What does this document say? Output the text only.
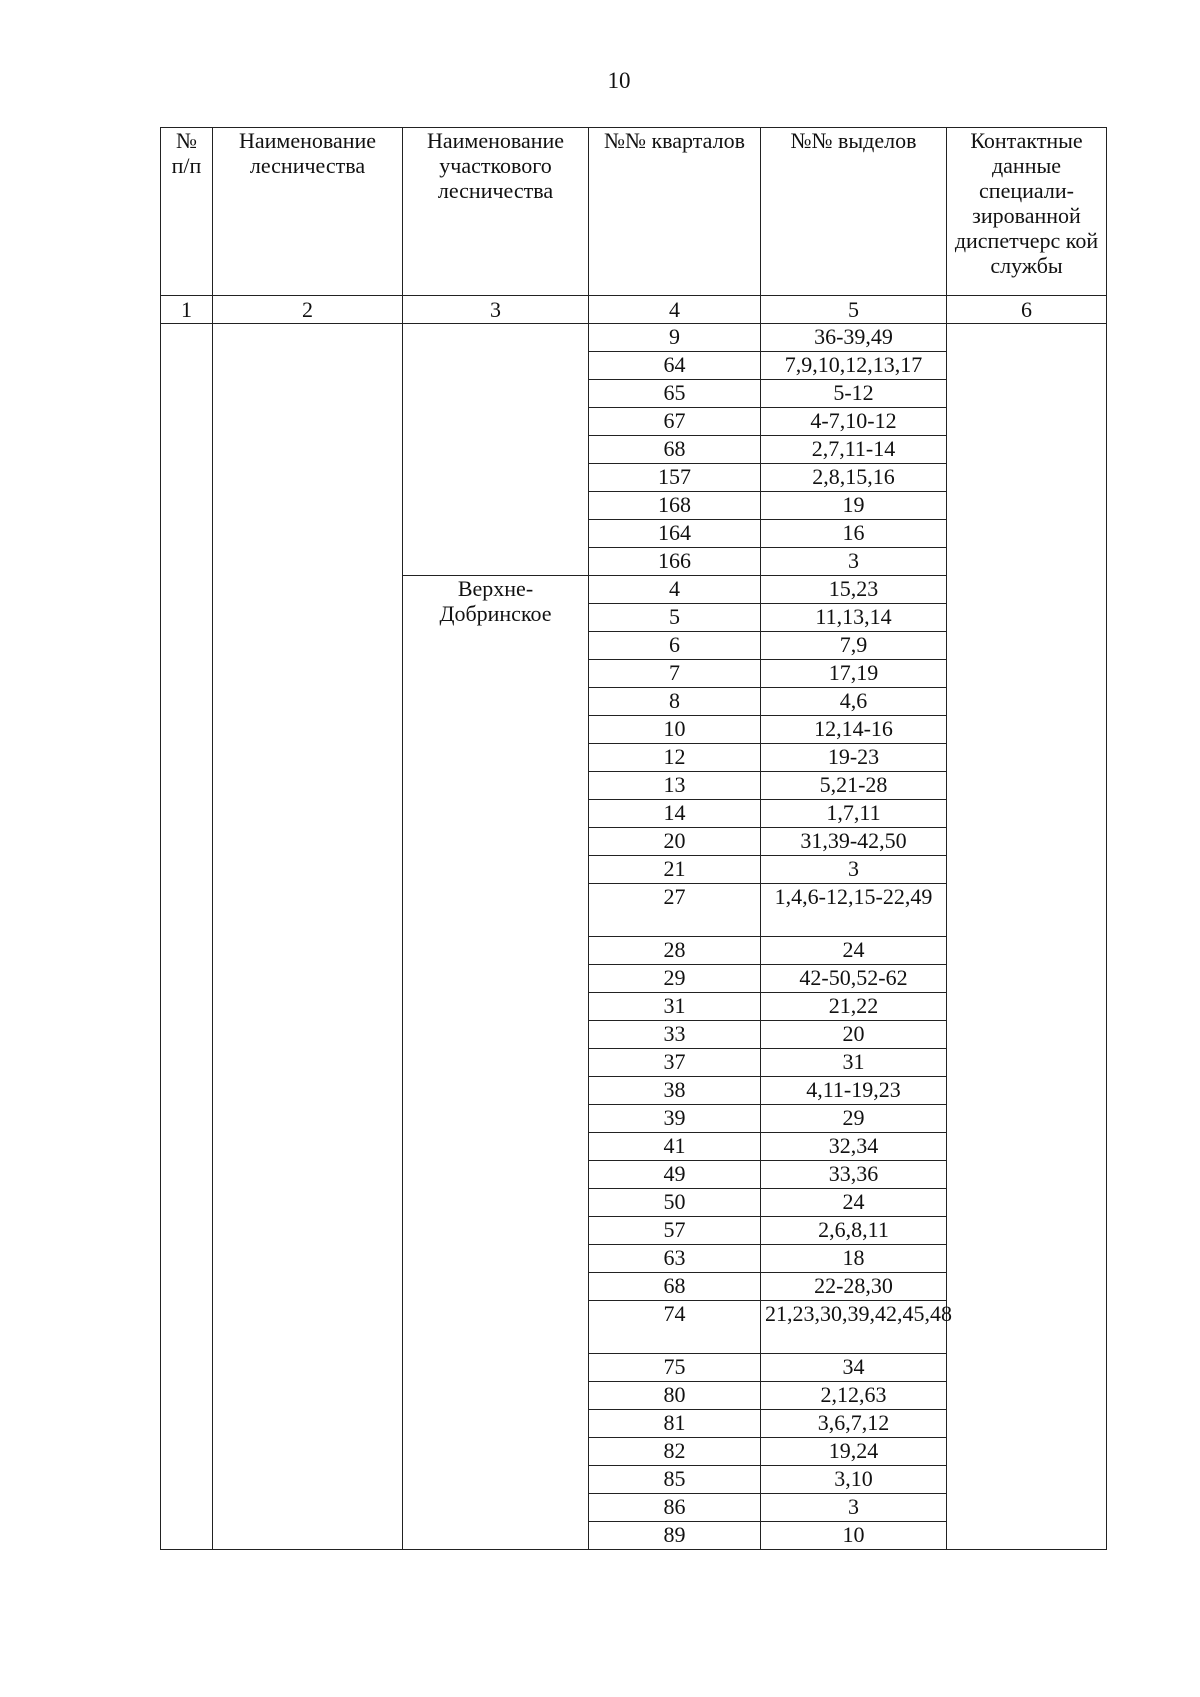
10
№ п/п	Наименование лесничества	Наименование участкового лесничества	№№ кварталов	№№ выделов	Контактные данные специали-зированной диспетчерс кой службы
1	2	3	4	5	6
			9	36-39,49	
			64	7,9,10,12,13,17	
			65	5-12	
			67	4-7,10-12	
			68	2,7,11-14	
			157	2,8,15,16	
			168	19	
			164	16	
			166	3	
		Верхне-Добринское	4	15,23	
			5	11,13,14	
			6	7,9	
			7	17,19	
			8	4,6	
			10	12,14-16	
			12	19-23	
			13	5,21-28	
			14	1,7,11	
			20	31,39-42,50	
			21	3	
			27	1,4,6-12,15-22,49	
			28	24	
			29	42-50,52-62	
			31	21,22	
			33	20	
			37	31	
			38	4,11-19,23	
			39	29	
			41	32,34	
			49	33,36	
			50	24	
			57	2,6,8,11	
			63	18	
			68	22-28,30	
			74	21,23,30,39,42,45,48	
			75	34	
			80	2,12,63	
			81	3,6,7,12	
			82	19,24	
			85	3,10	
			86	3	
			89	10	
